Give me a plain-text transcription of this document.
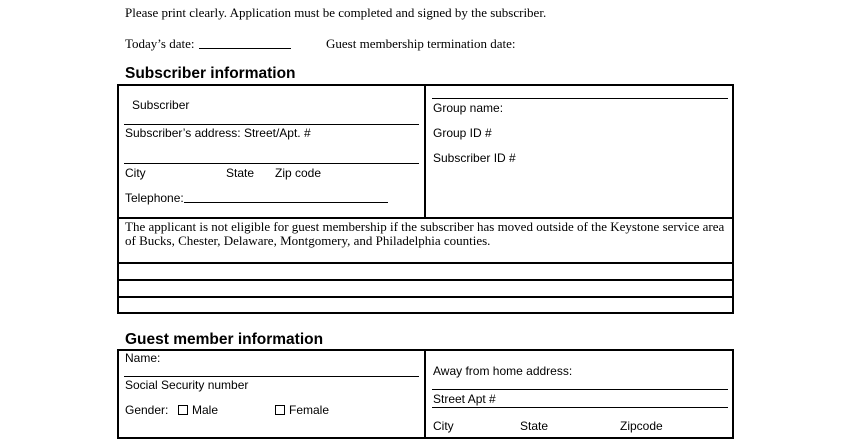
Please print clearly. Application must be completed and signed by the subscriber.
Today’s date:	Guest membership termination date:
Subscriber information
Subscriber
Subscriber’s address: Street/Apt. #
City	State Zip code
Telephone:
Group name:
Group ID #
Subscriber ID #
The applicant is not eligible for guest membership if the subscriber has moved outside of the Keystone service area of Bucks, Chester, Delaware, Montgomery, and Philadelphia counties.
Guest member information
Name:
Social Security number
Gender:	Male	Female
Away from home address:
Street Apt #
City	State	Zipcode
